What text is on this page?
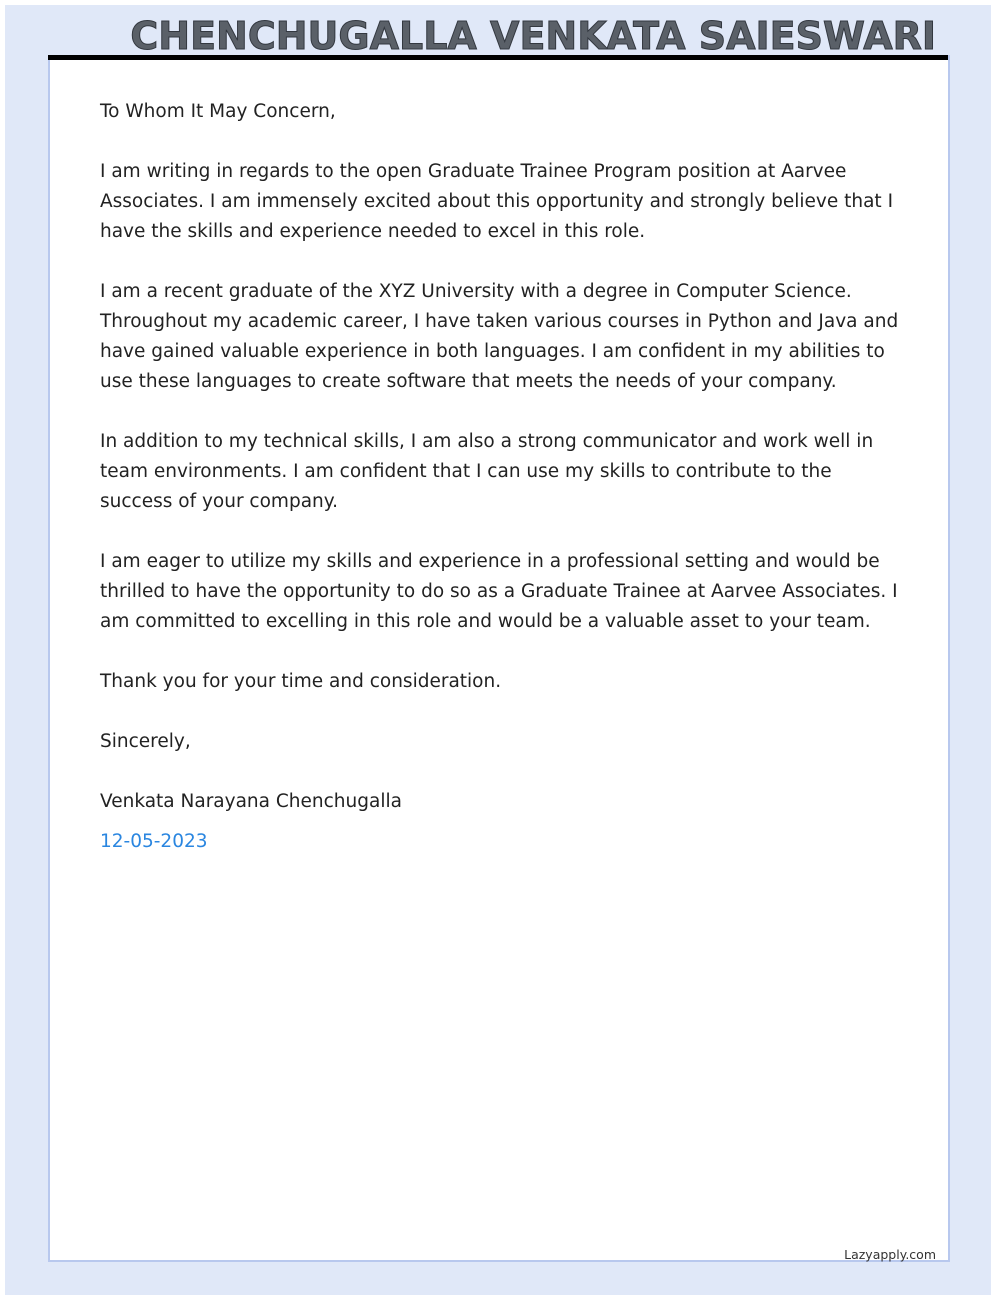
CHENCHUGALLA VENKATA SAIESWARI

To Whom It May Concern,

I am writing in regards to the open Graduate Trainee Program position at Aarvee Associates. I am immensely excited about this opportunity and strongly believe that I have the skills and experience needed to excel in this role.

I am a recent graduate of the XYZ University with a degree in Computer Science. Throughout my academic career, I have taken various courses in Python and Java and have gained valuable experience in both languages. I am confident in my abilities to use these languages to create software that meets the needs of your company.

In addition to my technical skills, I am also a strong communicator and work well in team environments. I am confident that I can use my skills to contribute to the success of your company.

I am eager to utilize my skills and experience in a professional setting and would be thrilled to have the opportunity to do so as a Graduate Trainee at Aarvee Associates. I am committed to excelling in this role and would be a valuable asset to your team.

Thank you for your time and consideration.

Sincerely,

Venkata Narayana Chenchugalla

12-05-2023

Lazyapply.com
